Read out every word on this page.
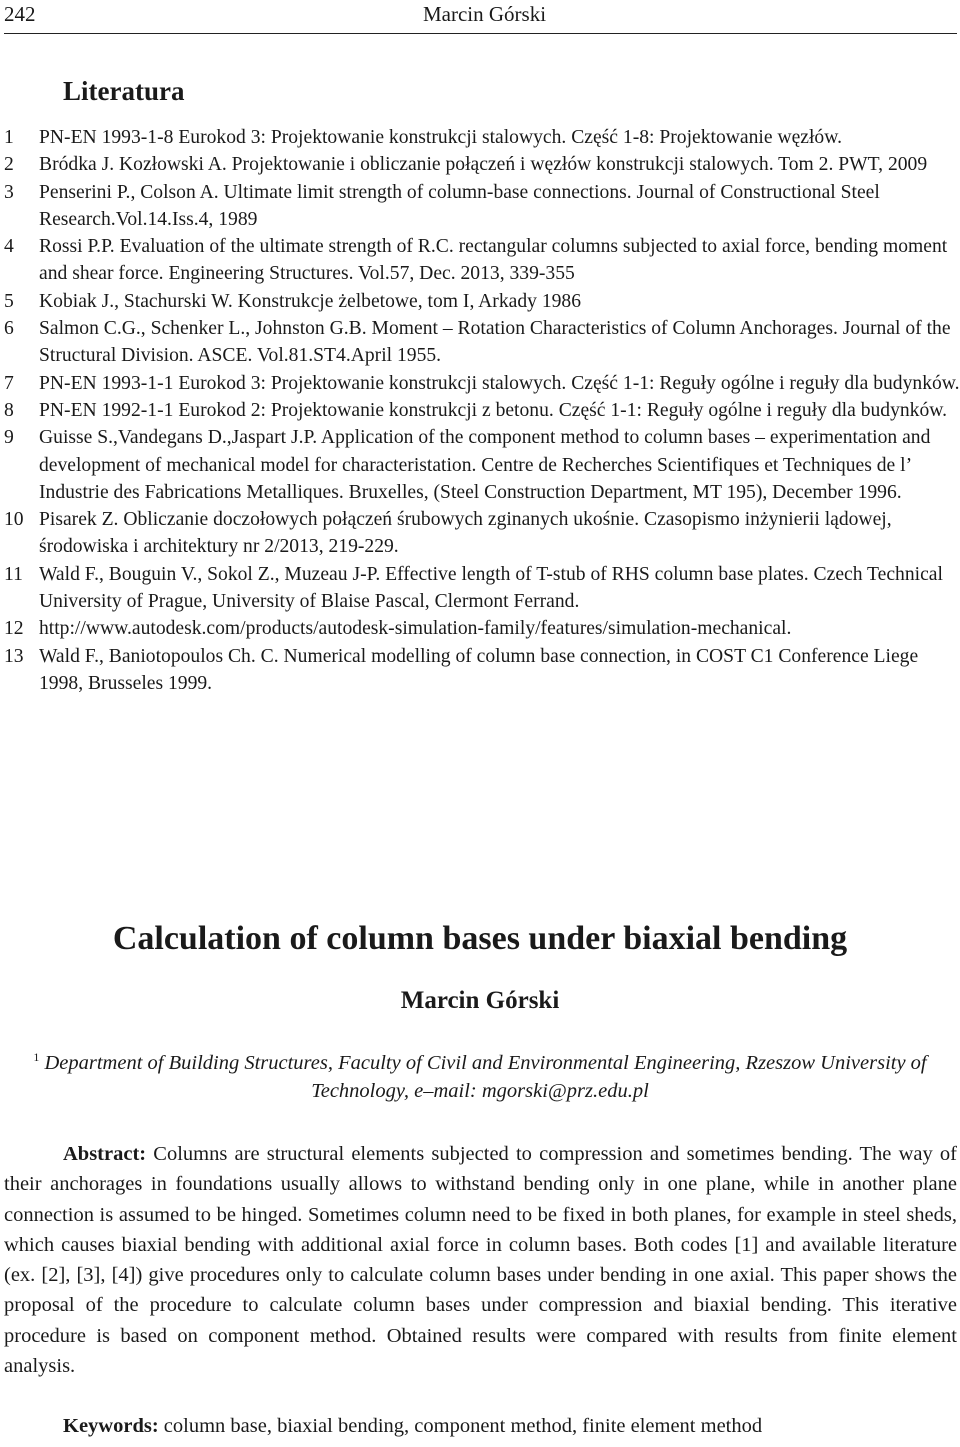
242	Marcin Górski
Literatura
1 PN-EN 1993-1-8 Eurokod 3: Projektowanie konstrukcji stalowych. Część 1-8: Projektowanie węzłów.
2 Bródka J. Kozłowski A. Projektowanie i obliczanie połączeń i węzłów konstrukcji stalowych. Tom 2. PWT, 2009
3 Penserini P., Colson A. Ultimate limit strength of column-base connections. Journal of Constructional Steel Research.Vol.14.Iss.4, 1989
4 Rossi P.P. Evaluation of the ultimate strength of R.C. rectangular columns subjected to axial force, bending moment and shear force. Engineering Structures. Vol.57, Dec. 2013, 339-355
5 Kobiak J., Stachurski W. Konstrukcje żelbetowe, tom I, Arkady 1986
6 Salmon C.G., Schenker L., Johnston G.B. Moment – Rotation Characteristics of Column Anchorages. Journal of the Structural Division. ASCE. Vol.81.ST4.April 1955.
7 PN-EN 1993-1-1 Eurokod 3: Projektowanie konstrukcji stalowych. Część 1-1: Reguły ogólne i reguły dla budynków.
8 PN-EN 1992-1-1 Eurokod 2: Projektowanie konstrukcji z betonu. Część 1-1: Reguły ogólne i reguły dla budynków.
9 Guisse S.,Vandegans D.,Jaspart J.P. Application of the component method to column bases – experimentation and development of mechanical model for characteristation. Centre de Recherches Scientifiques et Techniques de l’ Industrie des Fabrications Metalliques. Bruxelles, (Steel Construction Department, MT 195), December 1996.
10 Pisarek Z. Obliczanie doczołowych połączeń śrubowych zginanych ukośnie. Czasopismo inżynierii lądowej, środowiska i architektury nr 2/2013, 219-229.
11 Wald F., Bouguin V., Sokol Z., Muzeau J-P. Effective length of T-stub of RHS column base plates. Czech Technical University of Prague, University of Blaise Pascal, Clermont Ferrand.
12 http://www.autodesk.com/products/autodesk-simulation-family/features/simulation-mechanical.
13 Wald F., Baniotopoulos Ch. C. Numerical modelling of column base connection, in COST C1 Conference Liege 1998, Brusseles 1999.
Calculation of column bases under biaxial bending
Marcin Górski
$^1$ Department of Building Structures, Faculty of Civil and Environmental Engineering, Rzeszow University of Technology, e–mail: mgorski@prz.edu.pl
Abstract: Columns are structural elements subjected to compression and sometimes bending. The way of their anchorages in foundations usually allows to withstand bending only in one plane, while in another plane connection is assumed to be hinged. Sometimes column need to be fixed in both planes, for example in steel sheds, which causes biaxial bending with additional axial force in column bases. Both codes [1] and available literature (ex. [2], [3], [4]) give procedures only to calculate column bases under bending in one axial. This paper shows the proposal of the procedure to calculate column bases under compression and biaxial bending. This iterative procedure is based on component method. Obtained results were compared with results from finite element analysis.
Keywords: column base, biaxial bending, component method, finite element method
